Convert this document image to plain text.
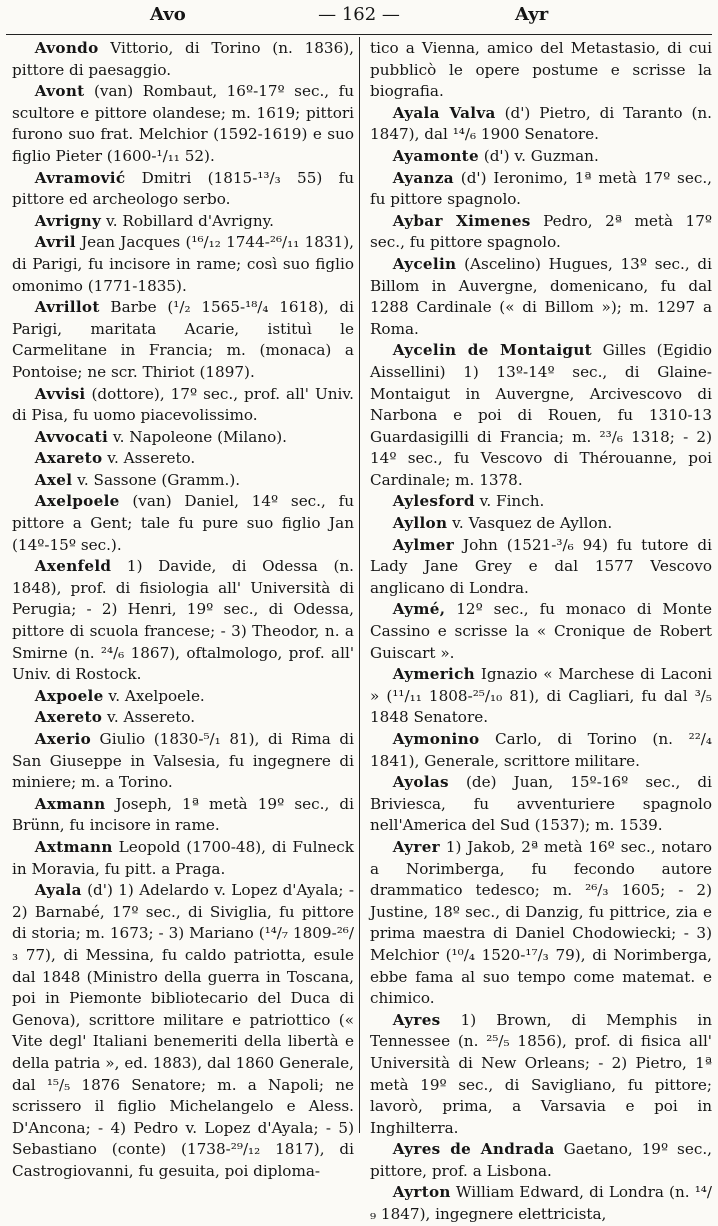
Avo	— 162 —	Ayr

Avondo Vittorio, di Torino (n. 1836), pittore di paesaggio.

Avont (van) Rombaut, 16º-17º sec., fu scultore e pittore olandese; m. 1619; pittori furono suo frat. Melchior (1592-1619) e suo figlio Pieter (1600-¹/₁₁ 52).

Avramović Dmitri (1815-¹³/₃ 55) fu pittore ed archeologo serbo.

Avrigny v. Robillard d'Avrigny.

Avril Jean Jacques (¹⁶/₁₂ 1744-²⁶/₁₁ 1831), di Parigi, fu incisore in rame; così suo figlio omonimo (1771-1835).

Avrillot Barbe (¹/₂ 1565-¹⁸/₄ 1618), di Parigi, maritata Acarie, istituì le Carmelitane in Francia; m. (monaca) a Pontoise; ne scr. Thiriot (1897).

Avvisi (dottore), 17º sec., prof. all' Univ. di Pisa, fu uomo piacevolissimo.

Avvocati v. Napoleone (Milano).

Axareto v. Assereto.

Axel v. Sassone (Gramm.).

Axelpoele (van) Daniel, 14º sec., fu pittore a Gent; tale fu pure suo figlio Jan (14º-15º sec.).

Axenfeld 1) Davide, di Odessa (n. 1848), prof. di fisiologia all' Università di Perugia; - 2) Henri, 19º sec., di Odessa, pittore di scuola francese; - 3) Theodor, n. a Smirne (n. ²⁴/₆ 1867), oftalmologo, prof. all' Univ. di Rostock.

Axpoele v. Axelpoele.

Axereto v. Assereto.

Axerio Giulio (1830-⁵/₁ 81), di Rima di San Giuseppe in Valsesia, fu ingegnere di miniere; m. a Torino.

Axmann Joseph, 1ª metà 19º sec., di Brünn, fu incisore in rame.

Axtmann Leopold (1700-48), di Fulneck in Moravia, fu pitt. a Praga.

Ayala (d') 1) Adelardo v. Lopez d'Ayala; - 2) Barnabé, 17º sec., di Siviglia, fu pittore di storia; m. 1673; - 3) Mariano (¹⁴/₇ 1809-²⁶/₃ 77), di Messina, fu caldo patriotta, esule dal 1848 (Ministro della guerra in Toscana, poi in Piemonte bibliotecario del Duca di Genova), scrittore militare e patriottico (« Vite degl' Italiani benemeriti della libertà e della patria », ed. 1883), dal 1860 Generale, dal ¹⁵/₅ 1876 Senatore; m. a Napoli; ne scrissero il figlio Michelangelo e Aless. D'Ancona; - 4) Pedro v. Lopez d'Ayala; - 5) Sebastiano (conte) (1738-²⁹/₁₂ 1817), di Castrogiovanni, fu gesuita, poi diploma-

tico a Vienna, amico del Metastasio, di cui pubblicò le opere postume e scrisse la biografia.

Ayala Valva (d') Pietro, di Taranto (n. 1847), dal ¹⁴/₆ 1900 Senatore.

Ayamonte (d') v. Guzman.

Ayanza (d') Ieronimo, 1ª metà 17º sec., fu pittore spagnolo.

Aybar Ximenes Pedro, 2ª metà 17º sec., fu pittore spagnolo.

Aycelin (Ascelino) Hugues, 13º sec., di Billom in Auvergne, domenicano, fu dal 1288 Cardinale (« di Billom »); m. 1297 a Roma.

Aycelin de Montaigut Gilles (Egidio Aissellini) 1) 13º-14º sec., di Glaine-Montaigut in Auvergne, Arcivescovo di Narbona e poi di Rouen, fu 1310-13 Guardasigilli di Francia; m. ²³/₆ 1318; - 2) 14º sec., fu Vescovo di Thérouanne, poi Cardinale; m. 1378.

Aylesford v. Finch.

Ayllon v. Vasquez de Ayllon.

Aylmer John (1521-³/₆ 94) fu tutore di Lady Jane Grey e dal 1577 Vescovo anglicano di Londra.

Aymé, 12º sec., fu monaco di Monte Cassino e scrisse la « Cronique de Robert Guiscart ».

Aymerich Ignazio « Marchese di Laconi » (¹¹/₁₁ 1808-²⁵/₁₀ 81), di Cagliari, fu dal ³/₅ 1848 Senatore.

Aymonino Carlo, di Torino (n. ²²/₄ 1841), Generale, scrittore militare.

Ayolas (de) Juan, 15º-16º sec., di Briviesca, fu avventuriere spagnolo nell'America del Sud (1537); m. 1539.

Ayrer 1) Jakob, 2ª metà 16º sec., notaro a Norimberga, fu fecondo autore drammatico tedesco; m. ²⁶/₃ 1605; - 2) Justine, 18º sec., di Danzig, fu pittrice, zia e prima maestra di Daniel Chodowiecki; - 3) Melchior (¹⁰/₄ 1520-¹⁷/₃ 79), di Norimberga, ebbe fama al suo tempo come matemat. e chimico.

Ayres 1) Brown, di Memphis in Tennessee (n. ²⁵/₅ 1856), prof. di fisica all' Università di New Orleans; - 2) Pietro, 1ª metà 19º sec., di Savigliano, fu pittore; lavorò, prima, a Varsavia e poi in Inghilterra.

Ayres de Andrada Gaetano, 19º sec., pittore, prof. a Lisbona.

Ayrton William Edward, di Londra (n. ¹⁴/₉ 1847), ingegnere elettricista,
